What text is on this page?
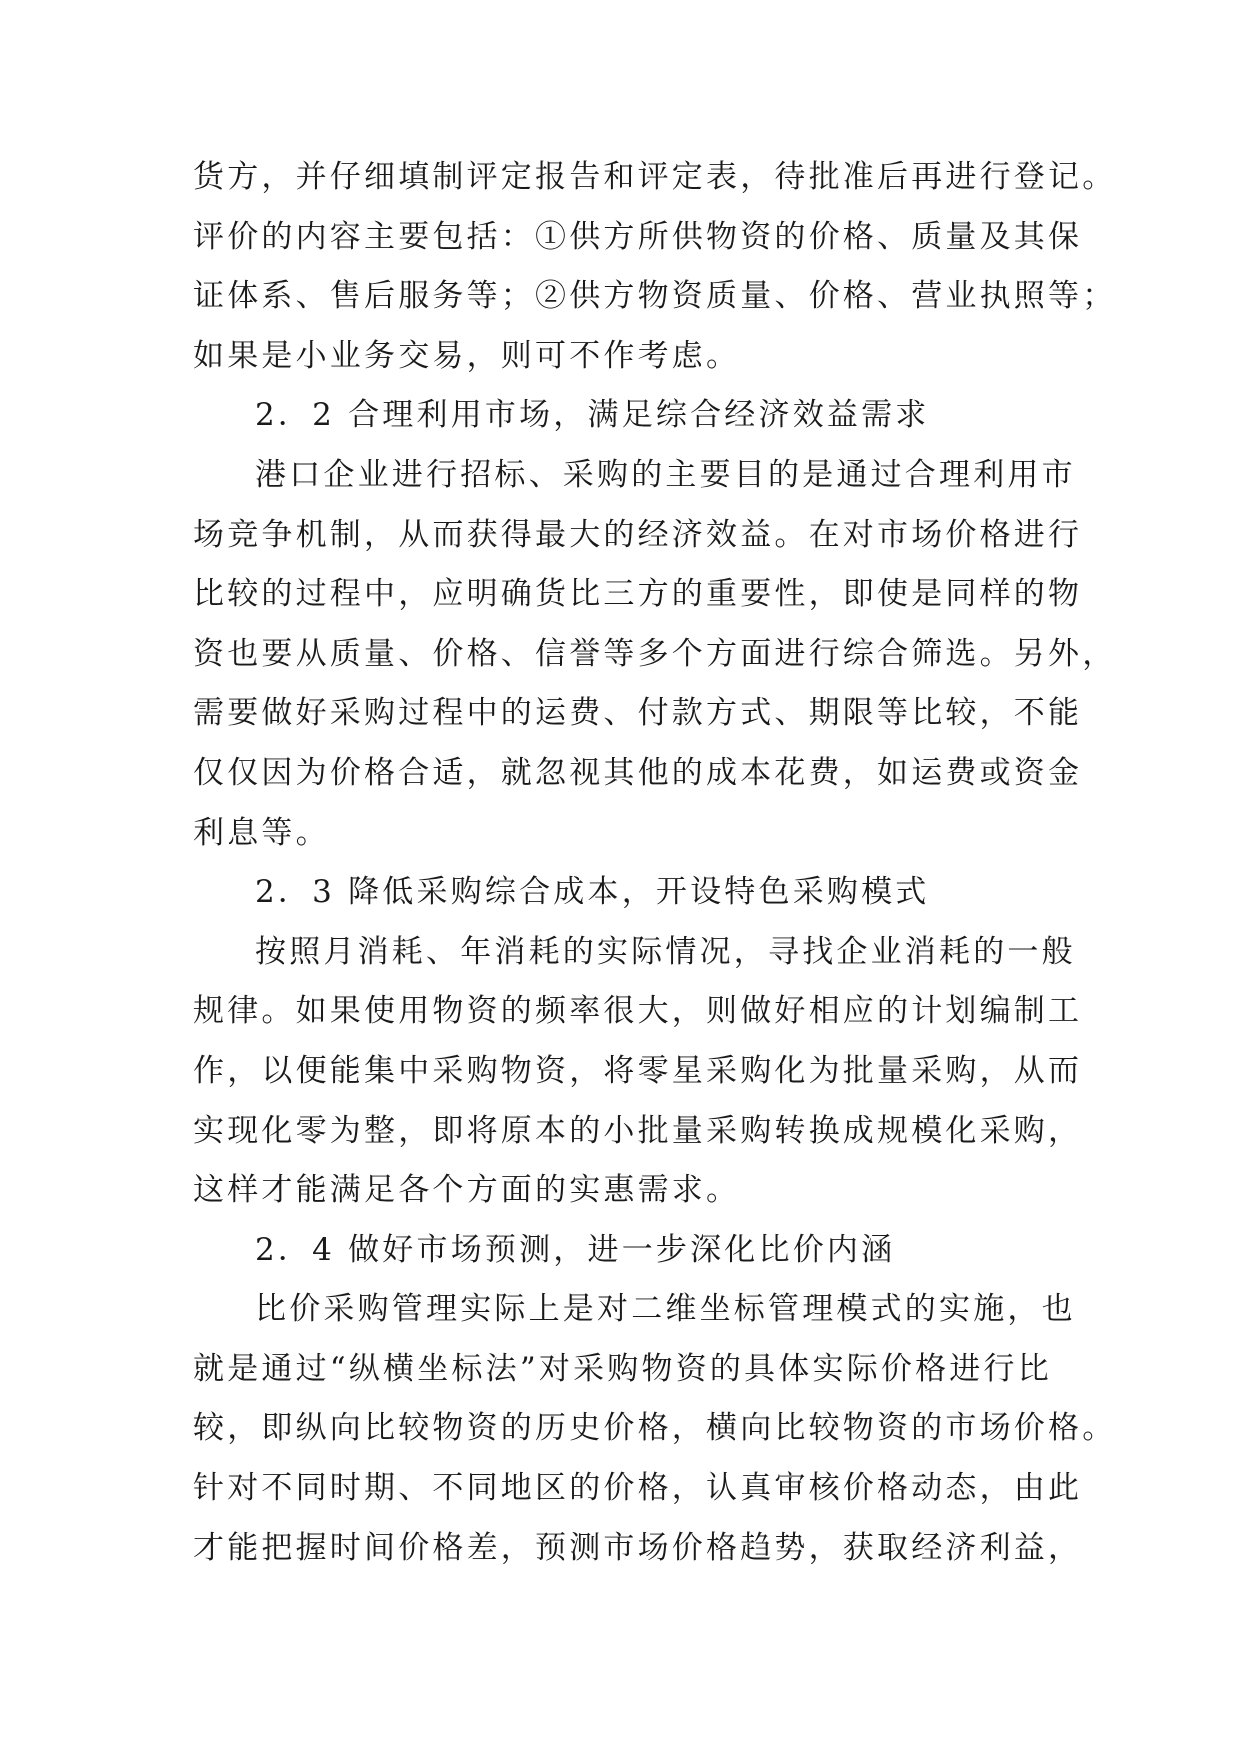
货方，并仔细填制评定报告和评定表，待批准后再进行登记。
评价的内容主要包括：①供方所供物资的价格、质量及其保
证体系、售后服务等；②供方物资质量、价格、营业执照等；
如果是小业务交易，则可不作考虑。
2．2 合理利用市场，满足综合经济效益需求
港口企业进行招标、采购的主要目的是通过合理利用市
场竞争机制，从而获得最大的经济效益。在对市场价格进行
比较的过程中，应明确货比三方的重要性，即使是同样的物
资也要从质量、价格、信誉等多个方面进行综合筛选。另外，
需要做好采购过程中的运费、付款方式、期限等比较，不能
仅仅因为价格合适，就忽视其他的成本花费，如运费或资金
利息等。
2．3 降低采购综合成本，开设特色采购模式
按照月消耗、年消耗的实际情况，寻找企业消耗的一般
规律。如果使用物资的频率很大，则做好相应的计划编制工
作，以便能集中采购物资，将零星采购化为批量采购，从而
实现化零为整，即将原本的小批量采购转换成规模化采购，
这样才能满足各个方面的实惠需求。
2．4 做好市场预测，进一步深化比价内涵
比价采购管理实际上是对二维坐标管理模式的实施，也
就是通过“纵横坐标法”对采购物资的具体实际价格进行比
较，即纵向比较物资的历史价格，横向比较物资的市场价格。
针对不同时期、不同地区的价格，认真审核价格动态，由此
才能把握时间价格差，预测市场价格趋势，获取经济利益，
